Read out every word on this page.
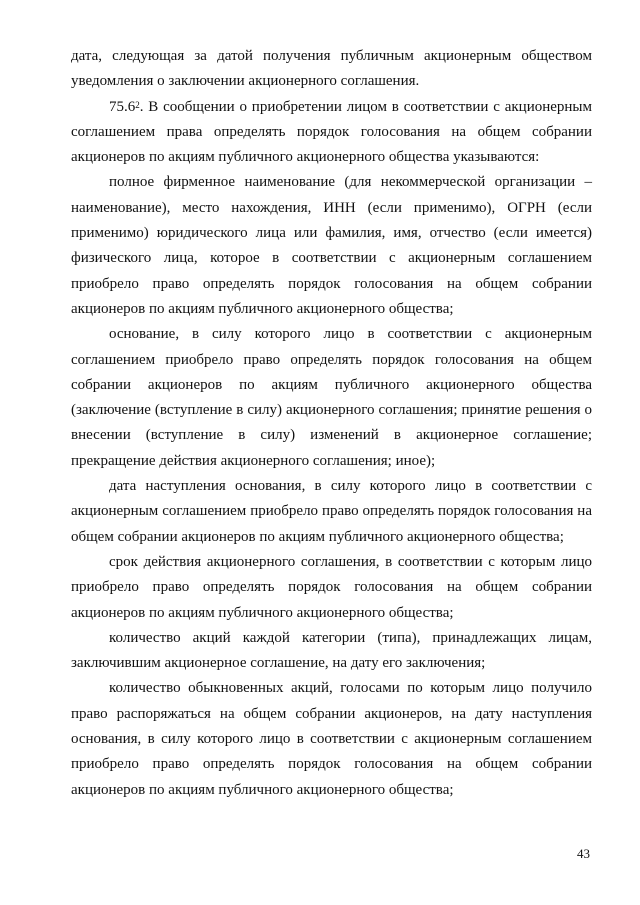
дата, следующая за датой получения публичным акционерным обществом уведомления о заключении акционерного соглашения.

75.6$^2$. В сообщении о приобретении лицом в соответствии с акционерным соглашением права определять порядок голосования на общем собрании акционеров по акциям публичного акционерного общества указываются:

полное фирменное наименование (для некоммерческой организации – наименование), место нахождения, ИНН (если применимо), ОГРН (если применимо) юридического лица или фамилия, имя, отчество (если имеется) физического лица, которое в соответствии с акционерным соглашением приобрело право определять порядок голосования на общем собрании акционеров по акциям публичного акционерного общества;

основание, в силу которого лицо в соответствии с акционерным соглашением приобрело право определять порядок голосования на общем собрании акционеров по акциям публичного акционерного общества (заключение (вступление в силу) акционерного соглашения; принятие решения о внесении (вступление в силу) изменений в акционерное соглашение; прекращение действия акционерного соглашения; иное);

дата наступления основания, в силу которого лицо в соответствии с акционерным соглашением приобрело право определять порядок голосования на общем собрании акционеров по акциям публичного акционерного общества;

срок действия акционерного соглашения, в соответствии с которым лицо приобрело право определять порядок голосования на общем собрании акционеров по акциям публичного акционерного общества;

количество акций каждой категории (типа), принадлежащих лицам, заключившим акционерное соглашение, на дату его заключения;

количество обыкновенных акций, голосами по которым лицо получило право распоряжаться на общем собрании акционеров, на дату наступления основания, в силу которого лицо в соответствии с акционерным соглашением приобрело право определять порядок голосования на общем собрании акционеров по акциям публичного акционерного общества;

43
